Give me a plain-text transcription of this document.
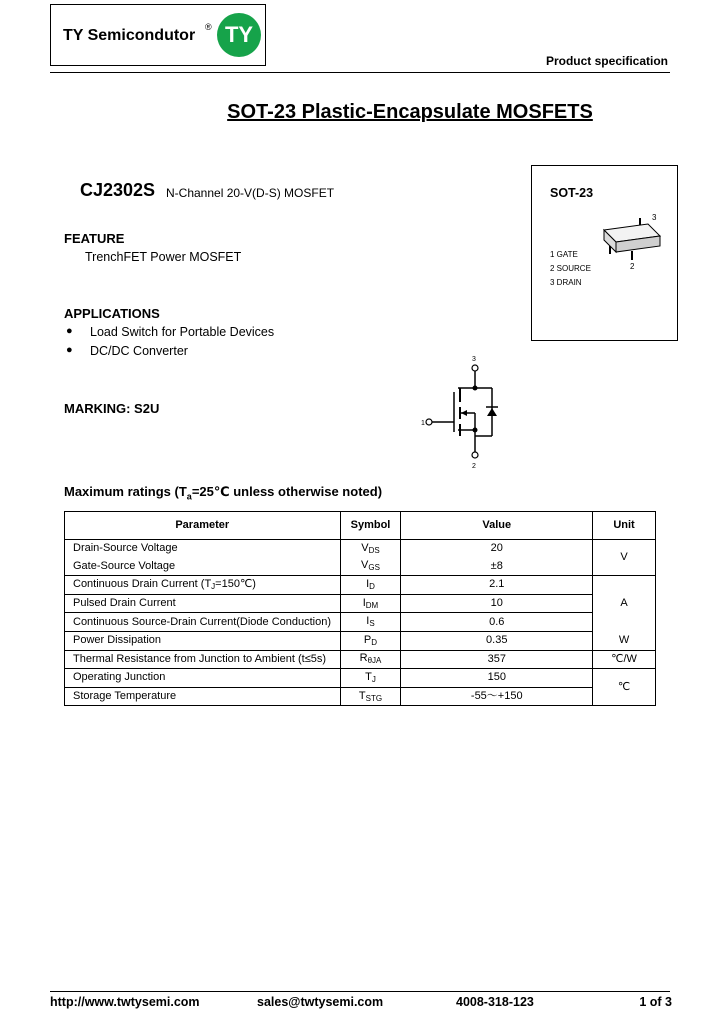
TY Semicondutor ® TY
Product specification
SOT-23 Plastic-Encapsulate MOSFETS
CJ2302S N-Channel 20-V(D-S) MOSFET
FEATURE
TrenchFET Power MOSFET
APPLICATIONS
● Load Switch for Portable Devices
● DC/DC Converter
MARKING: S2U
SOT-23
3
2
1 GATE
2 SOURCE
3 DRAIN
3
1
2
Maximum ratings ($T_a=25℃$ unless otherwise noted)
Parameter	Symbol	Value	Unit
Drain-Source Voltage	$V_{DS}$	20	V
Gate-Source Voltage	$V_{GS}$	±8	
Continuous Drain Current $(T_J=150℃)$	$I_D$	2.1	A
Pulsed Drain Current	$I_{DM}$	10	
Continuous Source-Drain Current(Diode Conduction)	$I_S$	0.6	
Power Dissipation	$P_D$	0.35	W
Thermal Resistance from Junction to Ambient (t≤5s)	$R_{\theta JA}$	357	℃/W
Operating Junction	$T_J$	150	℃
Storage Temperature	$T_{STG}$	-55～+150	
http://www.twtysemi.com	sales@twtysemi.com	4008-318-123	1 of 3
